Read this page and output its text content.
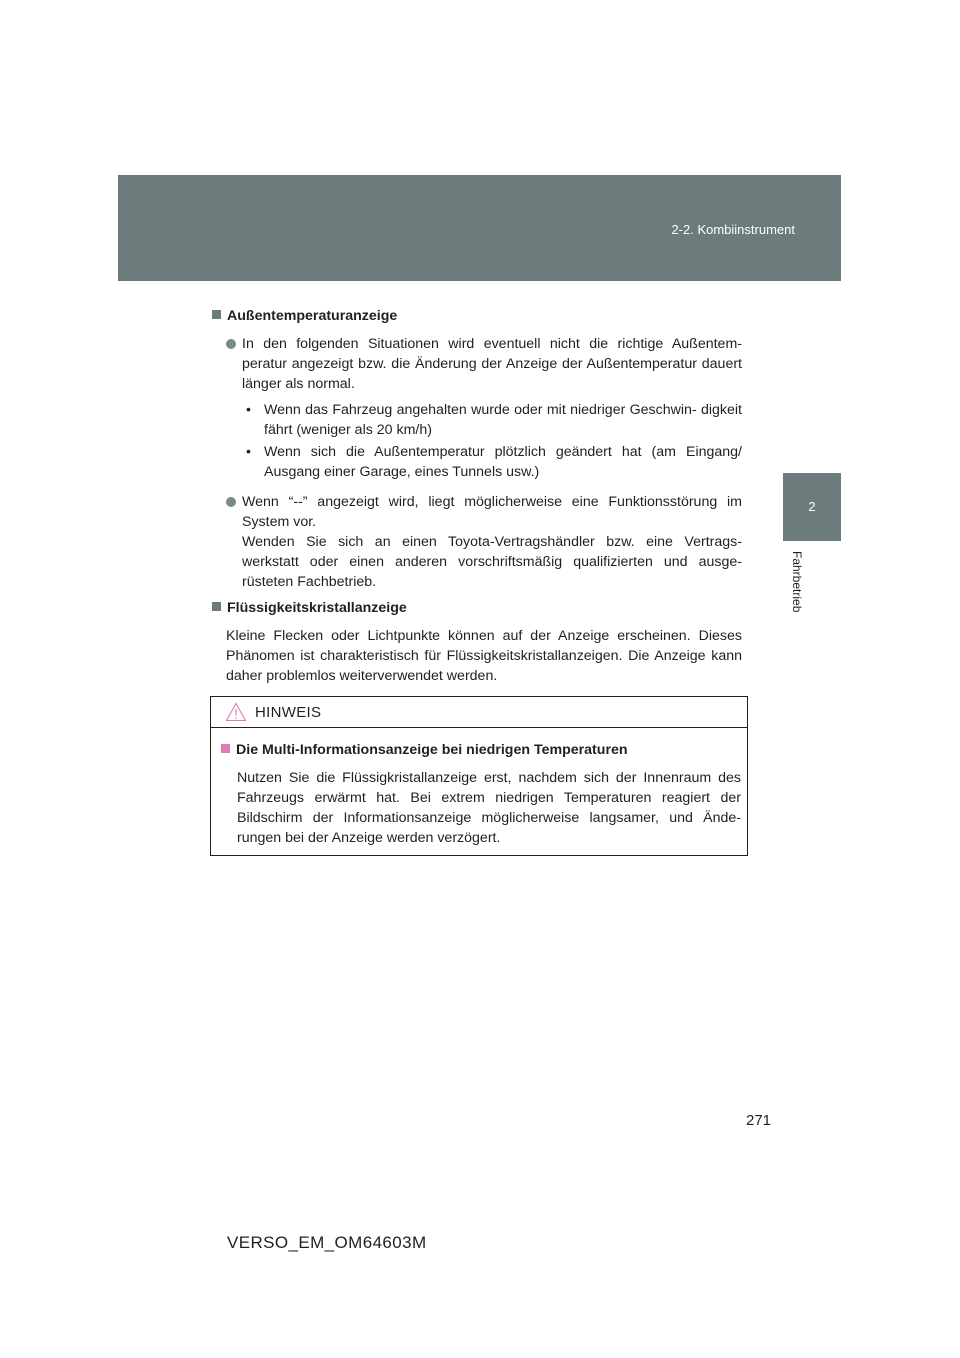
2-2. Kombiinstrument
2
Fahrbetrieb
Außentemperaturanzeige

In den folgenden Situationen wird eventuell nicht die richtige Außentem- peratur angezeigt bzw. die Änderung der Anzeige der Außentemperatur dauert länger als normal.

• Wenn das Fahrzeug angehalten wurde oder mit niedriger Geschwin- digkeit fährt (weniger als 20 km/h)
• Wenn sich die Außentemperatur plötzlich geändert hat (am Eingang/ Ausgang einer Garage, eines Tunnels usw.)

Wenn “--” angezeigt wird, liegt möglicherweise eine Funktionsstörung im System vor.

Wenden Sie sich an einen Toyota-Vertragshändler bzw. eine Vertrags- werkstatt oder einen anderen vorschriftsmäßig qualifizierten und ausge- rüsteten Fachbetrieb.

Flüssigkeitskristallanzeige

Kleine Flecken oder Lichtpunkte können auf der Anzeige erscheinen. Dieses Phänomen ist charakteristisch für Flüssigkeitskristallanzeigen. Die Anzeige kann daher problemlos weiterverwendet werden.

HINWEIS
Die Multi-Informationsanzeige bei niedrigen Temperaturen

Nutzen Sie die Flüssigkristallanzeige erst, nachdem sich der Innenraum des Fahrzeugs erwärmt hat. Bei extrem niedrigen Temperaturen reagiert der Bildschirm der Informationsanzeige möglicherweise langsamer, und Ände- rungen bei der Anzeige werden verzögert.

271
VERSO_EM_OM64603M
